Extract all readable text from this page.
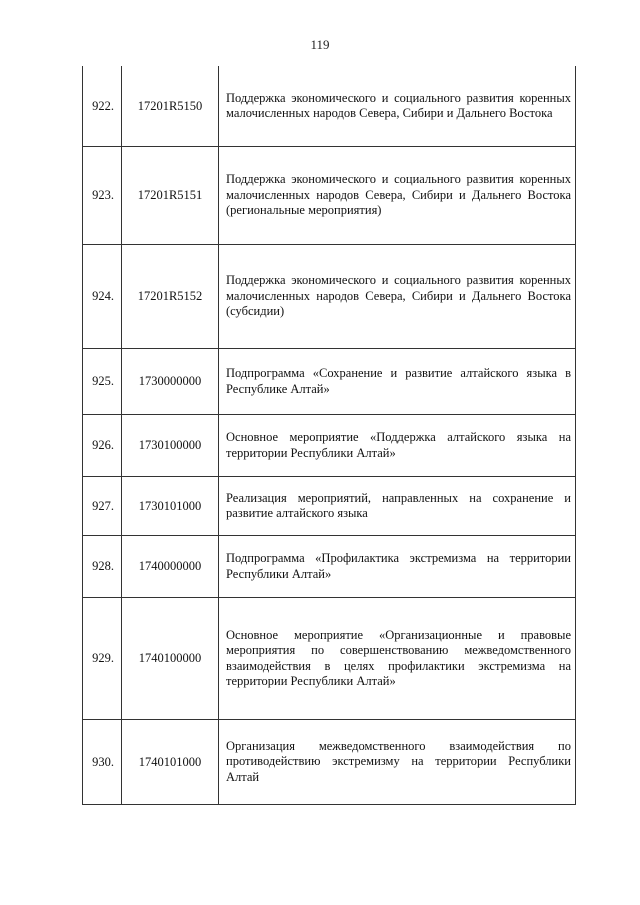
119
922.	17201R5150
Поддержка экономического и социального развития коренных малочисленных народов Севера, Сибири и Дальнего Востока
923.	17201R5151
Поддержка экономического и социального развития коренных малочисленных народов Севера, Сибири и Дальнего Востока (региональные мероприятия)
924.	17201R5152
Поддержка экономического и социального развития коренных малочисленных народов Севера, Сибири и Дальнего Востока (субсидии)
925.	1730000000
Подпрограмма «Сохранение и развитие алтайского языка в Республике Алтай»
926.	1730100000
Основное мероприятие «Поддержка алтайского языка на территории Республики Алтай»
927.	1730101000
Реализация мероприятий, направленных на сохранение и развитие алтайского языка
928.	1740000000
Подпрограмма «Профилактика экстремизма на территории Республики Алтай»
929.	1740100000
Основное мероприятие «Организационные и правовые мероприятия по совершенствованию межведомственного взаимодействия в целях профилактики экстремизма на территории Республики Алтай»
930.	1740101000
Организация межведомственного взаимодействия по противодействию экстремизму на территории Республики Алтай
